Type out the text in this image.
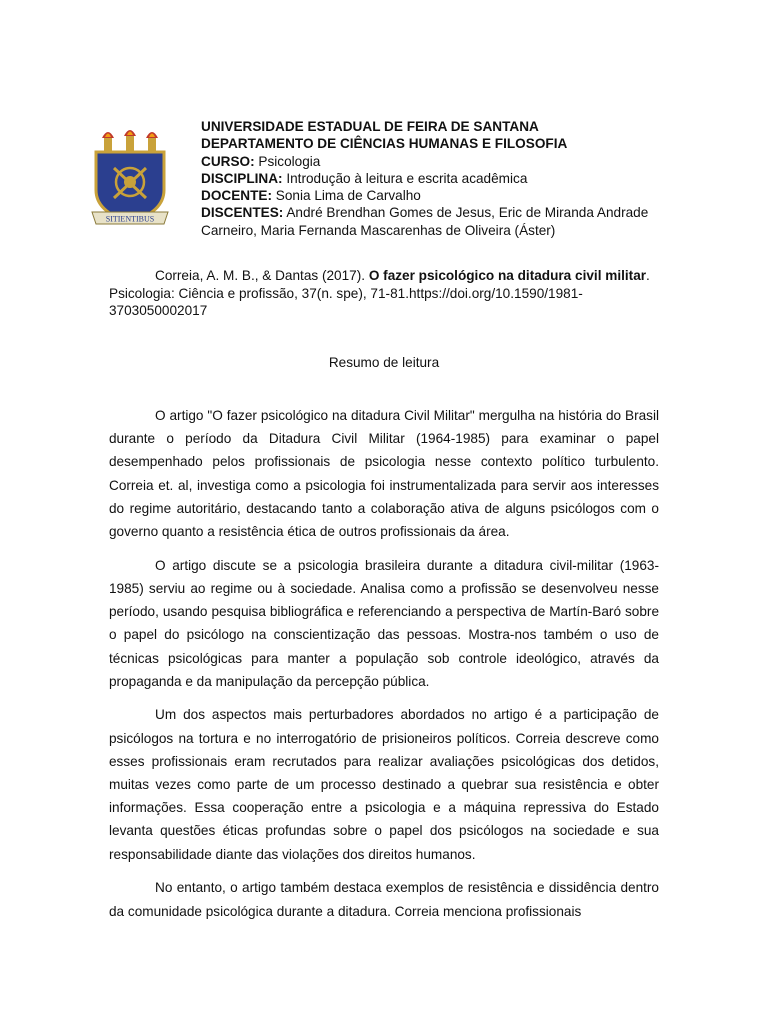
SITIENTIBUS
UNIVERSIDADE ESTADUAL DE FEIRA DE SANTANA
DEPARTAMENTO DE CIÊNCIAS HUMANAS E FILOSOFIA
CURSO: Psicologia
DISCIPLINA: Introdução à leitura e escrita acadêmica
DOCENTE: Sonia Lima de Carvalho
DISCENTES: André Brendhan Gomes de Jesus, Eric de Miranda Andrade Carneiro, Maria Fernanda Mascarenhas de Oliveira (Áster)
Correia, A. M. B., & Dantas (2017). O fazer psicológico na ditadura civil militar. Psicologia: Ciência e profissão, 37(n. spe), 71-81.https://doi.org/10.1590/1981-3703050002017
Resumo de leitura

O artigo "O fazer psicológico na ditadura Civil Militar" mergulha na história do Brasil durante o período da Ditadura Civil Militar (1964-1985) para examinar o papel desempenhado pelos profissionais de psicologia nesse contexto político turbulento. Correia et. al, investiga como a psicologia foi instrumentalizada para servir aos interesses do regime autoritário, destacando tanto a colaboração ativa de alguns psicólogos com o governo quanto a resistência ética de outros profissionais da área.

O artigo discute se a psicologia brasileira durante a ditadura civil-militar (1963-1985) serviu ao regime ou à sociedade. Analisa como a profissão se desenvolveu nesse período, usando pesquisa bibliográfica e referenciando a perspectiva de Martín-Baró sobre o papel do psicólogo na conscientização das pessoas. Mostra-nos também o uso de técnicas psicológicas para manter a população sob controle ideológico, através da propaganda e da manipulação da percepção pública.

Um dos aspectos mais perturbadores abordados no artigo é a participação de psicólogos na tortura e no interrogatório de prisioneiros políticos. Correia descreve como esses profissionais eram recrutados para realizar avaliações psicológicas dos detidos, muitas vezes como parte de um processo destinado a quebrar sua resistência e obter informações. Essa cooperação entre a psicologia e a máquina repressiva do Estado levanta questões éticas profundas sobre o papel dos psicólogos na sociedade e sua responsabilidade diante das violações dos direitos humanos.

No entanto, o artigo também destaca exemplos de resistência e dissidência dentro da comunidade psicológica durante a ditadura. Correia menciona profissionais
